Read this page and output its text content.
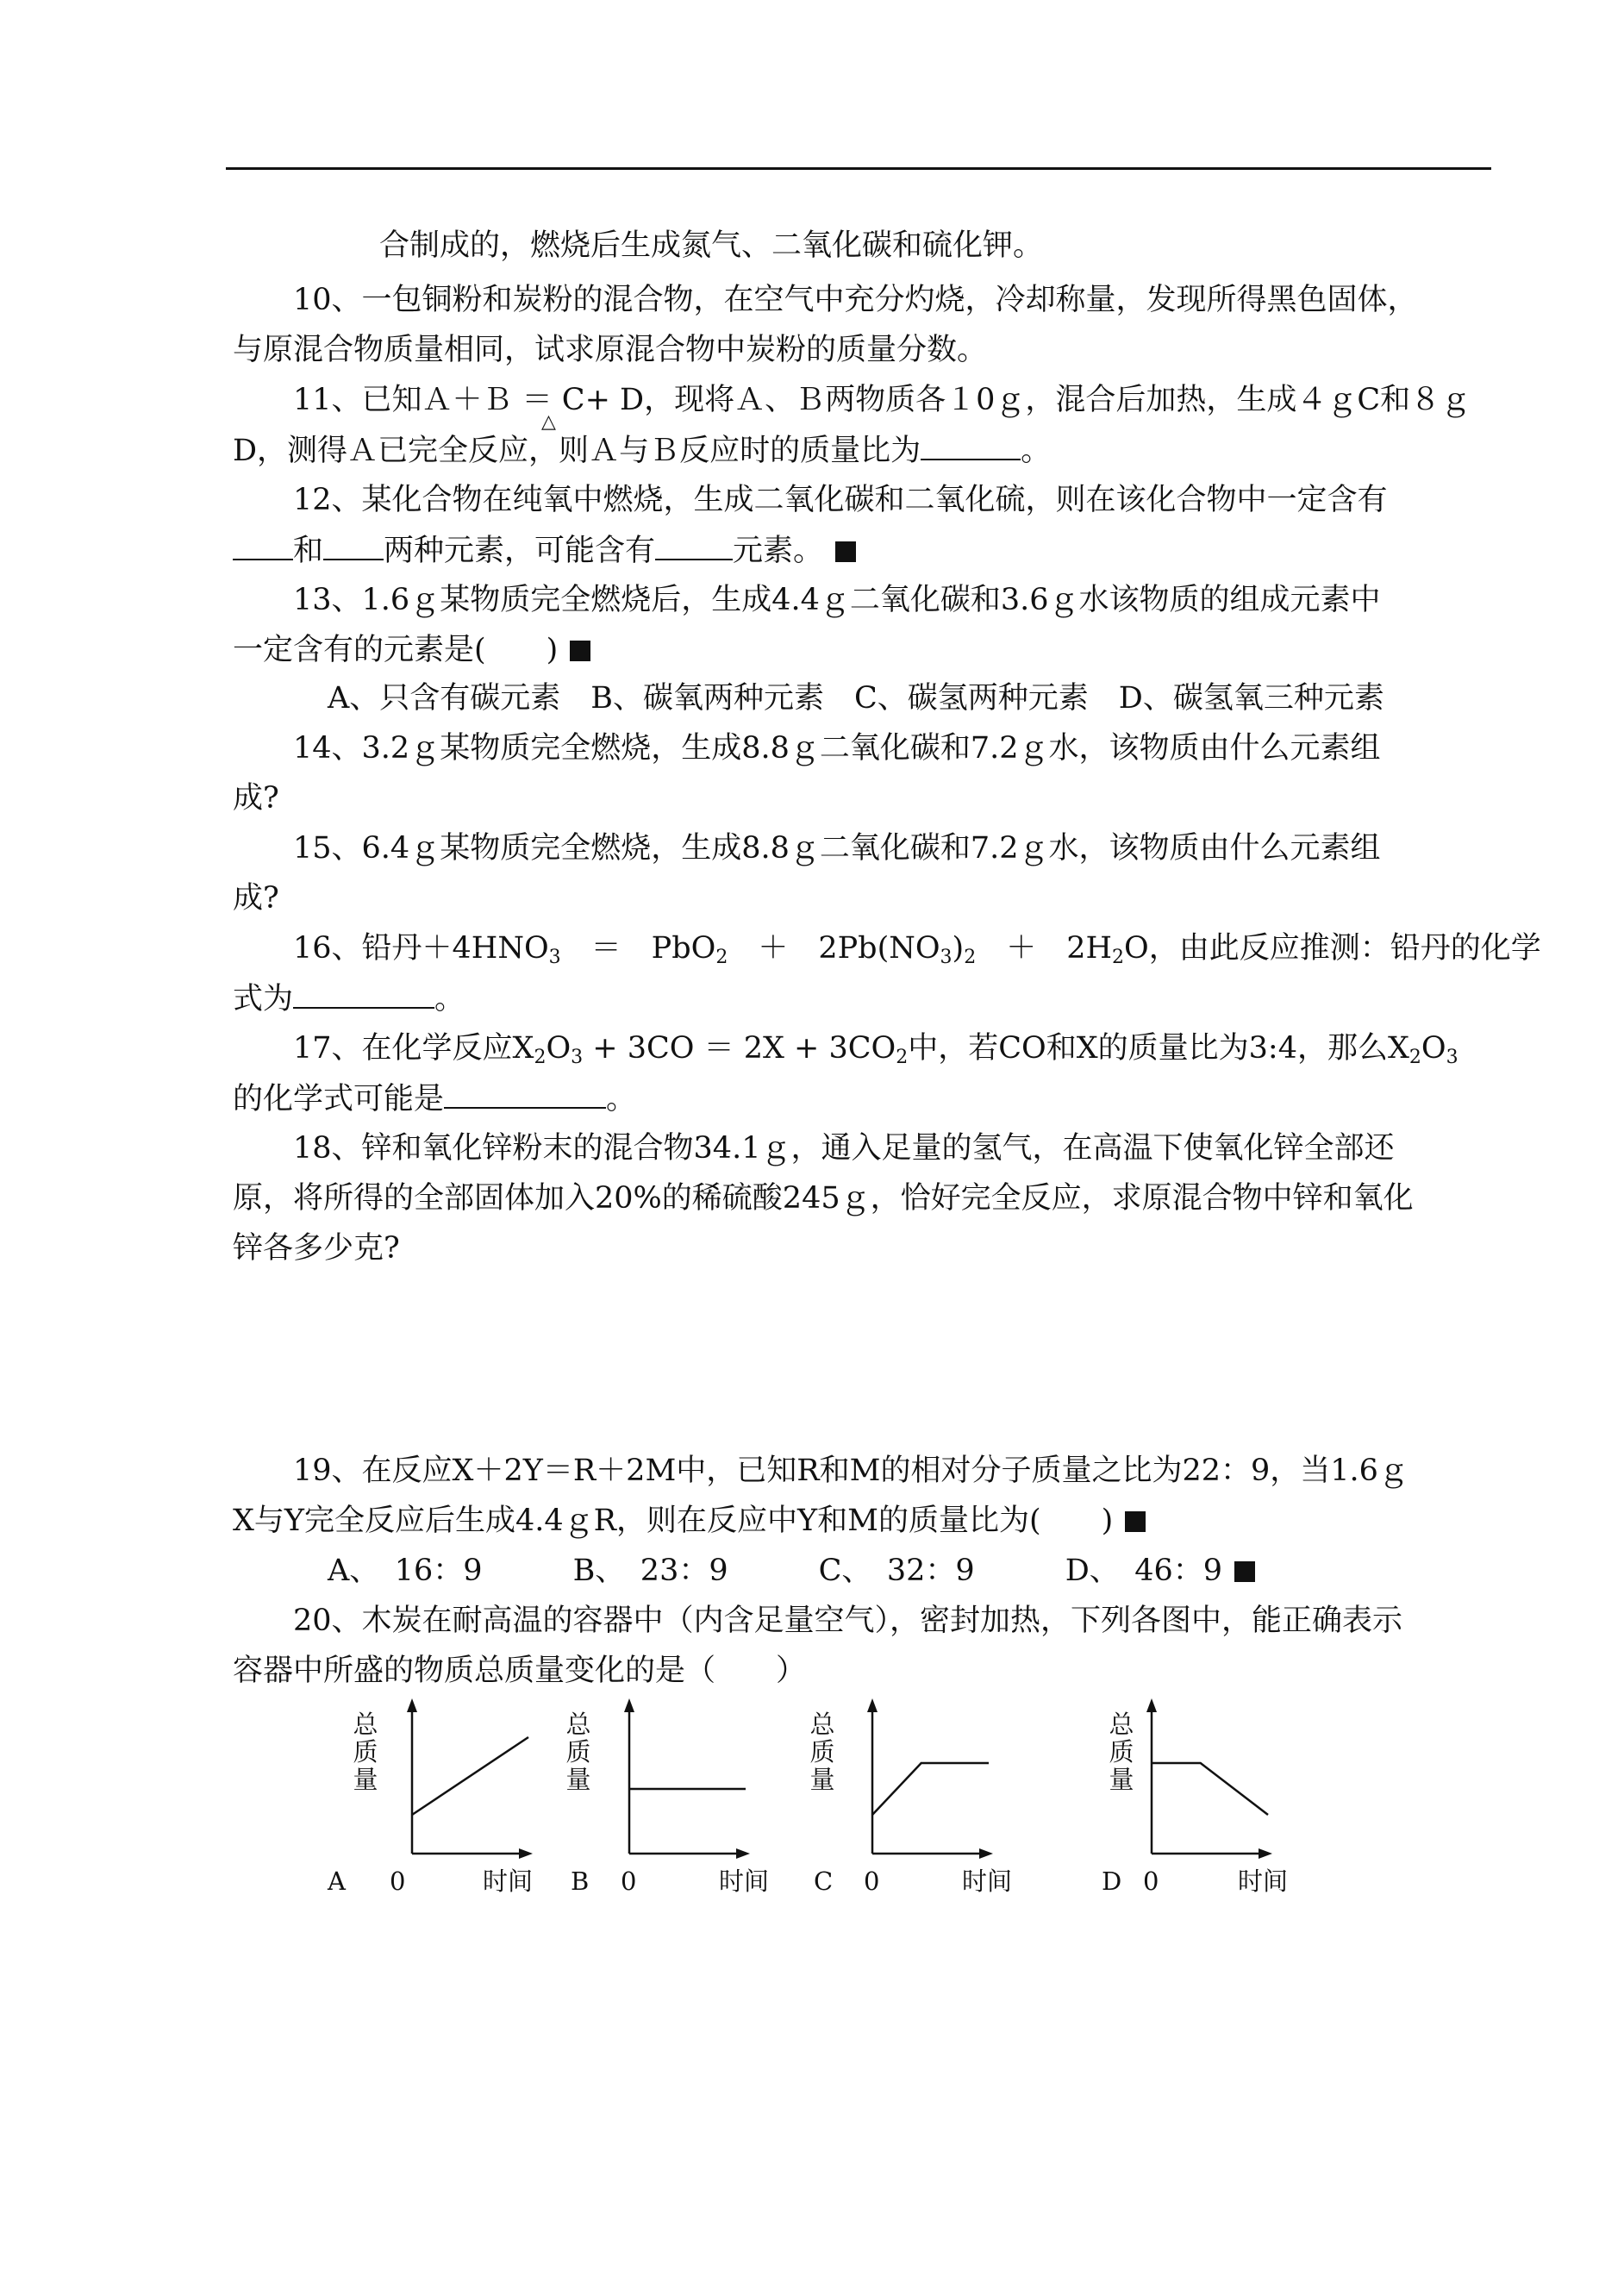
合制成的，燃烧后生成氮气、二氧化碳和硫化钾。
10、一包铜粉和炭粉的混合物，在空气中充分灼烧，冷却称量，发现所得黑色固体，
与原混合物质量相同，试求原混合物中炭粉的质量分数。
11、已知Ａ＋Ｂ ＝ C+ D，现将Ａ、Ｂ两物质各１0ｇ，混合后加热，生成４ｇC和８ｇ
△
D，测得Ａ已完全反应，则Ａ与Ｂ反应时的质量比为	。
12、某化合物在纯氧中燃烧，生成二氧化碳和二氧化硫，则在该化合物中一定含有
和 两种元素，可能含有	元素。
13、1.6ｇ某物质完全燃烧后，生成4.4ｇ二氧化碳和3.6ｇ水该物质的组成元素中
一定含有的元素是(　　)
A、只含有碳元素　B、碳氧两种元素　C、碳氢两种元素　D、碳氢氧三种元素
14、3.2ｇ某物质完全燃烧，生成8.8ｇ二氧化碳和7.2ｇ水，该物质由什么元素组
成?
15、6.4ｇ某物质完全燃烧，生成8.8ｇ二氧化碳和7.2ｇ水，该物质由什么元素组
成?
16、铅丹$+4HNO_3$　 ＝　PbO$_2$　 ＋　$2Pb(NO_3)_2$　 ＋　$2H_2O$，由此反应推测：铅丹的化学
式为	。
17、在化学反应$X_2O_3 + 3CO = 2X + 3CO_2$中，若CO和X的质量比为3:4，那么$X_2O_3$
的化学式可能是	。
18、锌和氧化锌粉末的混合物34.1ｇ，通入足量的氢气，在高温下使氧化锌全部还
原，将所得的全部固体加入20%的稀硫酸245ｇ，恰好完全反应，求原混合物中锌和氧化
锌各多少克?
19、在反应X＋2Y＝R＋2M中，已知R和M的相对分子质量之比为22：9，当1.6ｇ
X与Y完全反应后生成4.4ｇR，则在反应中Y和M的质量比为(　　)
A、　16：9　　　B、　23：9　　　C、　32：9　　　D、　46：9
20、木炭在耐高温的容器中（内含足量空气），密封加热，下列各图中，能正确表示
容器中所盛的物质总质量变化的是（　　）
总
质
量
A 0	时间
总
质
量
B 0	时间
总
质
量
C 0	时间
总
质
量
D 0	时间
